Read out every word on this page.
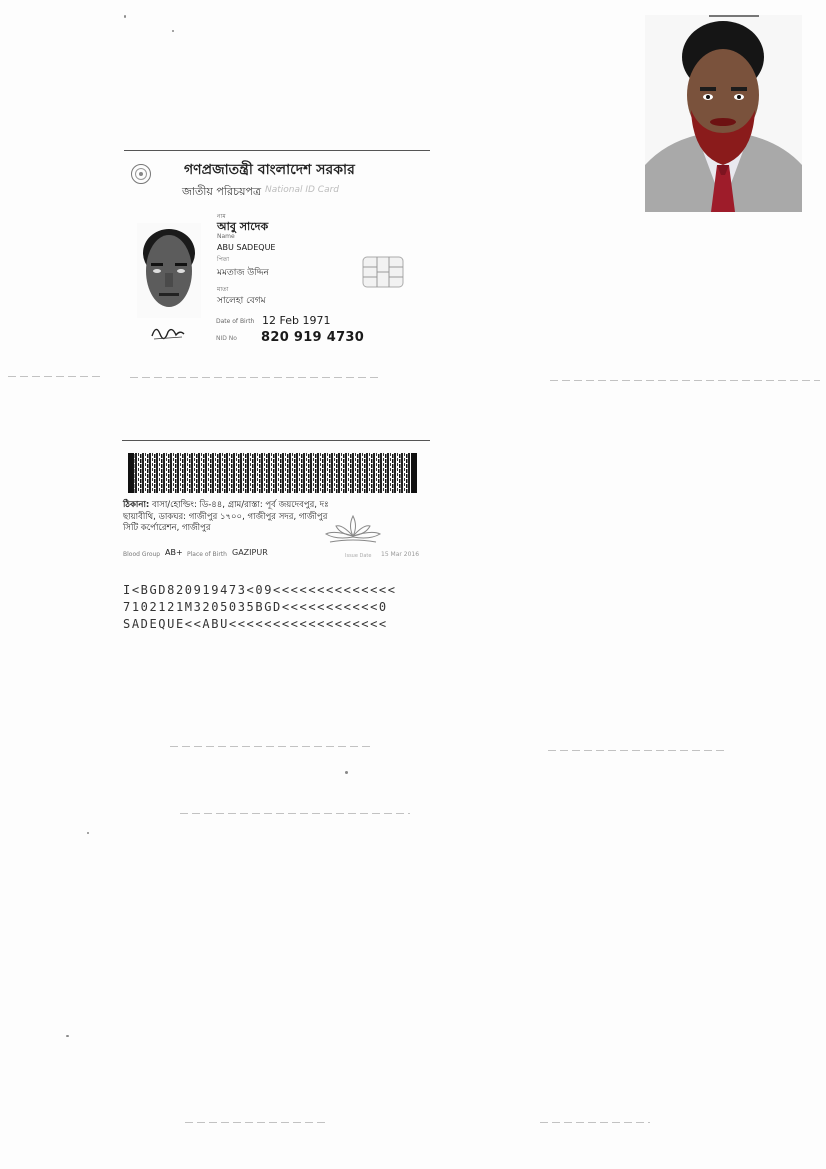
গণপ্রজাতন্ত্রী বাংলাদেশ সরকার
জাতীয় পরিচয়পত্র National ID Card
নাম
আবু সাদেক
Name
ABU SADEQUE
পিতা
মমতাজ উদ্দিন
মাতা
সালেহা বেগম
Date of Birth 12 Feb 1971
NID No 820 919 4730
ঠিকানা: বাসা/হোল্ডিং: ডি-৪৪, গ্রাম/রাস্তা: পূর্ব জয়দেবপুর, দঃ ছায়াবীথি, ডাকঘর: গাজীপুর ১৭০০, গাজীপুর সদর, গাজীপুর সিটি কর্পোরেশন, গাজীপুর
Blood Group AB+ Place of Birth GAZIPUR	Issue Date 15 Mar 2016
I<BGD820919473<09<<<<<<<<<<<<<<
7102121M3205035BGD<<<<<<<<<<<0
SADEQUE<<ABU<<<<<<<<<<<<<<<<<<
